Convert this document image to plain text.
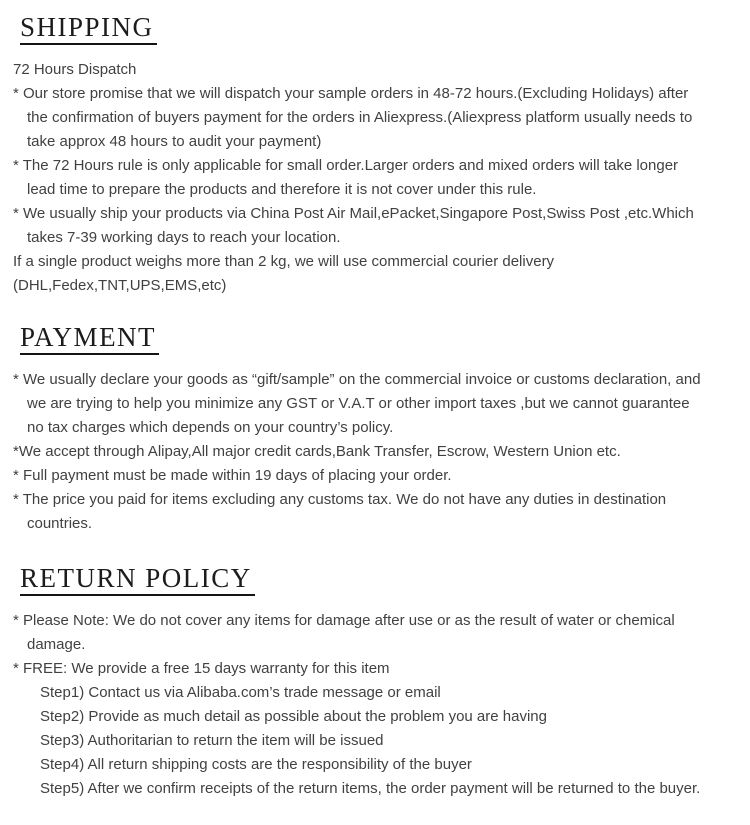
SHIPPING
72 Hours Dispatch
* Our store promise that we will dispatch your sample orders in 48-72 hours.(Excluding Holidays) after
the confirmation of buyers payment for the orders in Aliexpress.(Aliexpress platform usually needs to
take approx 48 hours to audit your payment)
* The 72 Hours rule is only applicable for small order.Larger orders and mixed orders will take longer
lead time to prepare the products and therefore it is not cover under this rule.
* We usually ship your products via China Post Air Mail,ePacket,Singapore Post,Swiss Post ,etc.Which
takes 7-39 working days to reach your location.
If a single product weighs more than 2 kg, we will use commercial courier delivery
(DHL,Fedex,TNT,UPS,EMS,etc)
PAYMENT
* We usually declare your goods as “gift/sample” on the commercial invoice or customs declaration, and
we are trying to help you minimize any GST or V.A.T or other import taxes ,but we cannot guarantee
no tax charges which depends on your country’s policy.
*We accept through Alipay,All major credit cards,Bank Transfer, Escrow, Western Union etc.
* Full payment must be made within 19 days of placing your order.
* The price you paid for items excluding any customs tax. We do not have any duties in destination
countries.
RETURN POLICY
* Please Note: We do not cover any items for damage after use or as the result of water or chemical
damage.
* FREE: We provide a free 15 days warranty for this item
Step1) Contact us via Alibaba.com’s trade message or email
Step2) Provide as much detail as possible about the problem you are having
Step3) Authoritarian to return the item will be issued
Step4) All return shipping costs are the responsibility of the buyer
Step5) After we confirm receipts of the return items, the order payment will be returned to the buyer.
